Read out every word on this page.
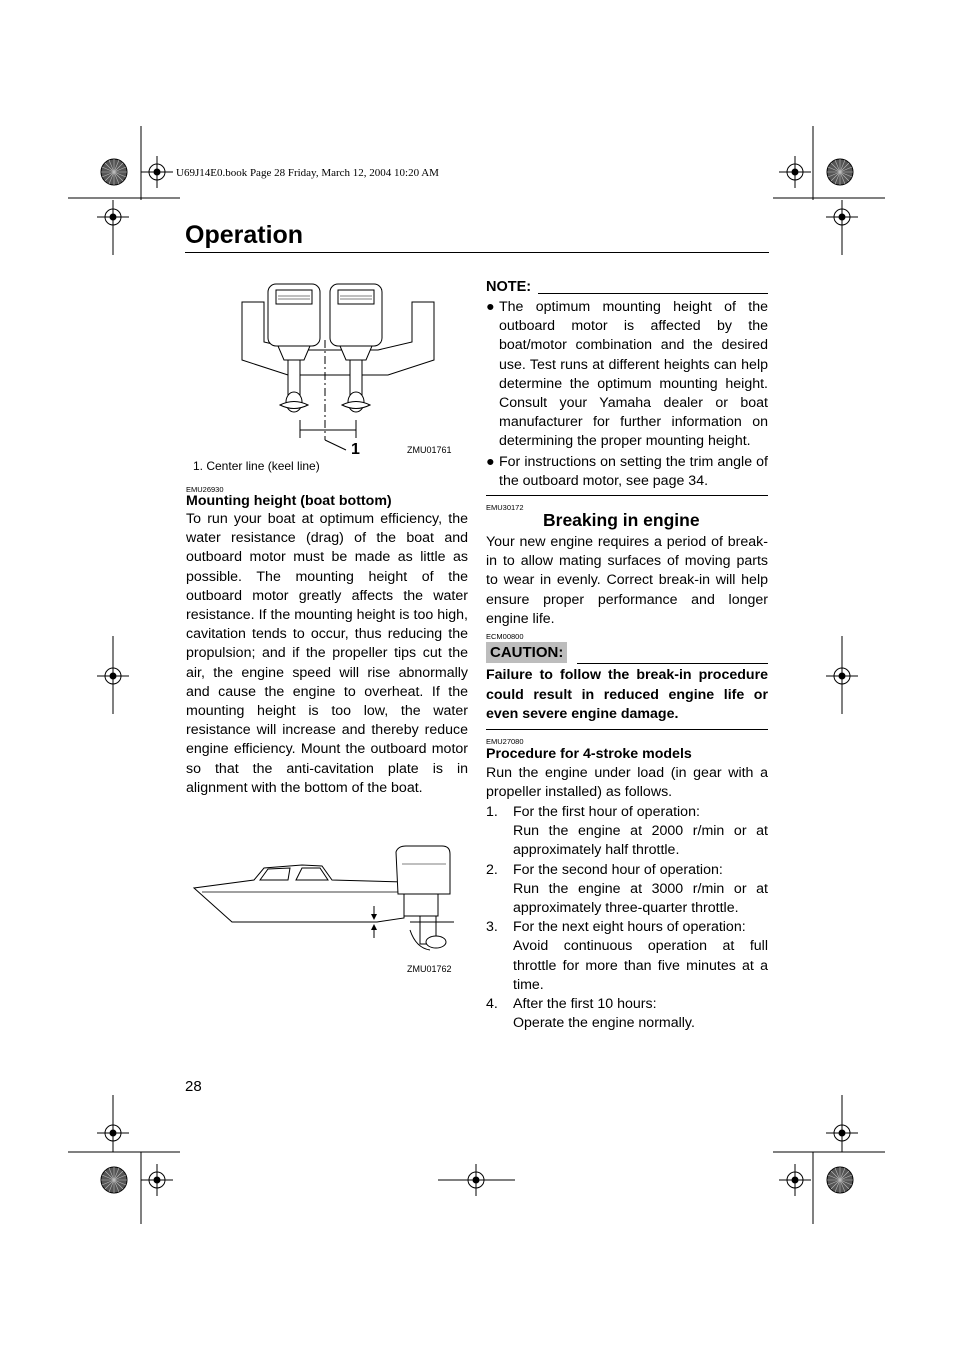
U69J14E0.book Page 28 Friday, March 12, 2004 10:20 AM
Operation
1	ZMU01761
1. Center line (keel line)
EMU26930
Mounting height (boat bottom)
To run your boat at optimum efficiency, the water resistance (drag) of the boat and outboard motor must be made as little as possible. The mounting height of the outboard motor greatly affects the water resistance. If the mounting height is too high, cavitation tends to occur, thus reducing the propulsion; and if the propeller tips cut the air, the engine speed will rise abnormally and cause the engine to overheat. If the mounting height is too low, the water resistance will increase and thereby reduce engine efficiency. Mount the outboard motor so that the anti-cavitation plate is in alignment with the bottom of the boat.
ZMU01762
NOTE:
● The optimum mounting height of the outboard motor is affected by the boat/motor combination and the desired use. Test runs at different heights can help determine the optimum mounting height. Consult your Yamaha dealer or boat manufacturer for further information on determining the proper mounting height.
● For instructions on setting the trim angle of the outboard motor, see page 34.
EMU30172
Breaking in engine
Your new engine requires a period of break-in to allow mating surfaces of moving parts to wear in evenly. Correct break-in will help ensure proper performance and longer engine life.
ECM00800
CAUTION:
Failure to follow the break-in procedure could result in reduced engine life or even severe engine damage.
EMU27080
Procedure for 4-stroke models
Run the engine under load (in gear with a propeller installed) as follows.
1.	For the first hour of operation:
Run the engine at 2000 r/min or at approximately half throttle.
2.	For the second hour of operation:
Run the engine at 3000 r/min or at approximately three-quarter throttle.
3.	For the next eight hours of operation:
Avoid continuous operation at full throttle for more than five minutes at a time.
4.	After the first 10 hours:
Operate the engine normally.
28
